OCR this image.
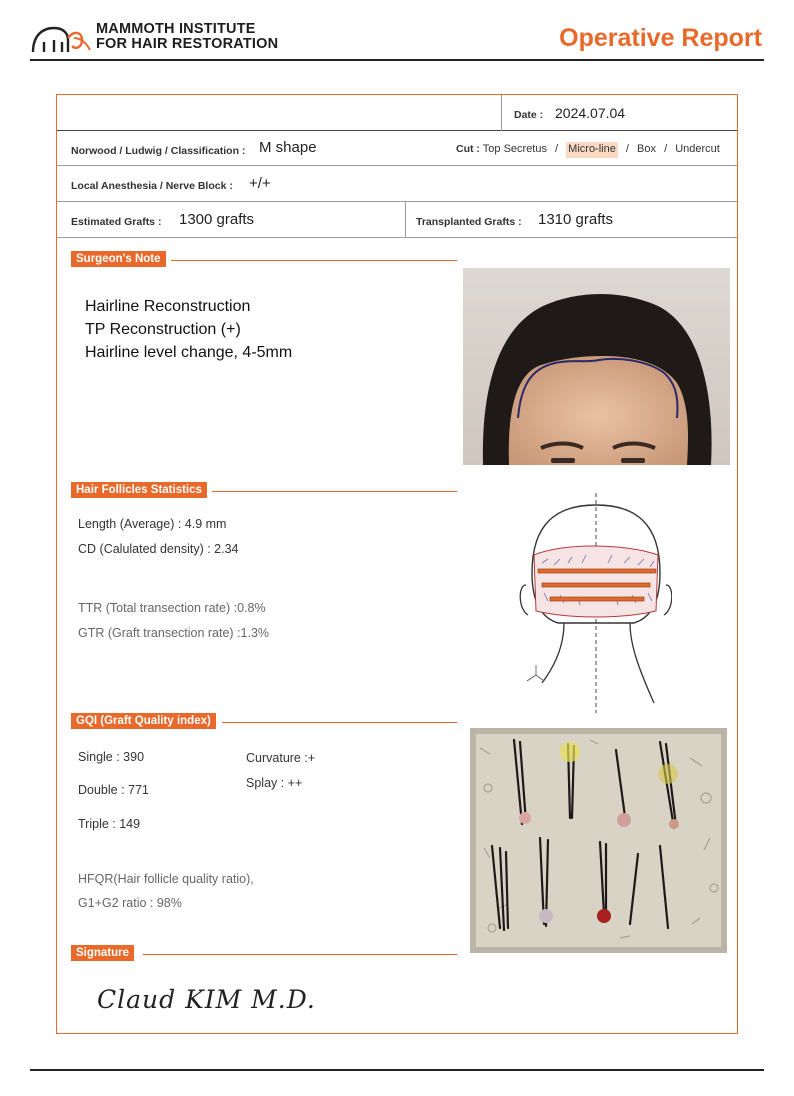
MAMMOTH INSTITUTE
FOR HAIR RESTORATION	Operative Report
Date : 2024.07.04
Norwood / Ludwig / Classification : M shape	Cut : Top Secretus / Micro-line / Box / Undercut
Local Anesthesia / Nerve Block : +/+
Estimated Grafts : 1300 grafts	Transplanted Grafts : 1310 grafts
Surgeon's Note
Hairline Reconstruction
TP Reconstruction (+)
Hairline level change, 4-5mm
Hair Follicles Statistics
Length (Average) : 4.9 mm
CD (Calulated density) : 2.34
TTR (Total transection rate) :0.8%
GTR (Graft transection rate) :1.3%
GQI (Graft Quality index)
Single : 390
Double : 771
Triple : 149
Curvature :+
Splay : ++
HFQR(Hair follicle quality ratio),
G1+G2 ratio : 98%
Signature
Claud KIM M.D.
